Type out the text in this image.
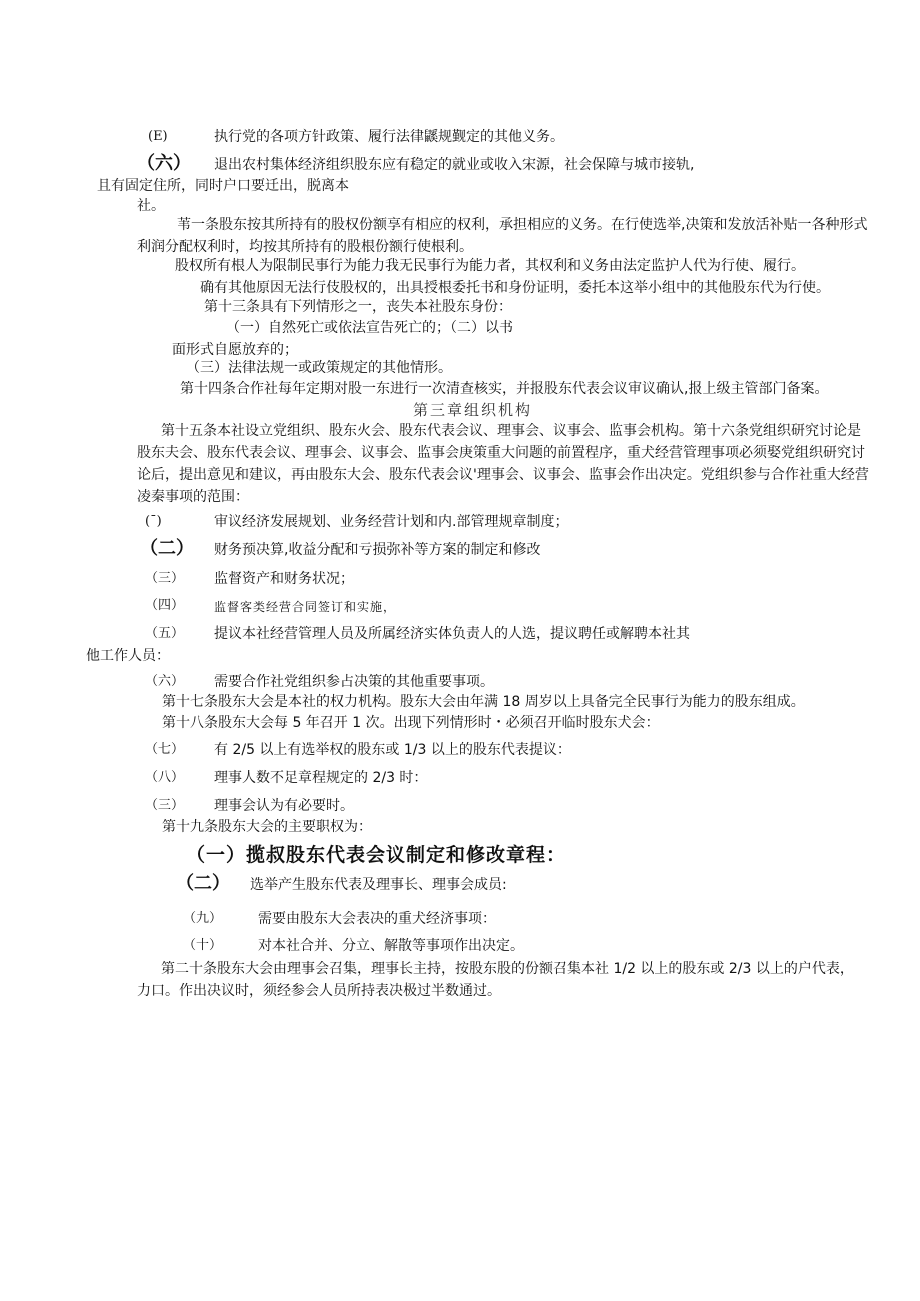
(E)	执行党的各项方针政策、履行法律鼷规觐定的其他义务。
（六） 退出农村集体经济组织股东应有稳定的就业或收入宋源，社会保障与城市接轨,
且有固定住所，同时户口要迁出，脱离本
社。
苇一条股东按其所持有的股权份额享有相应的权利，承担相应的义务。在行使选举,决策和发放活补贴一各种形式利润分配权利时，均按其所持有的股根份额行使根利。
股权所有根人为限制民事行为能力我无民事行为能力者，其权利和义务由法定监护人代为行使、履行。
确有其他原因无法行伎股权的，出具授根委托书和身份证明，委托本这举小组中的其他股东代为行使。
第十三条具有下列情形之一，丧失本社股东身份：
（一）自然死亡或依法宣告死亡的；（二）以书
面形式自愿放弃的；
（三）法律法规一或政策规定的其他情形。
第十四条合作社每年定期对股一东进行一次清查核实，并报股东代表会议审议确认,报上级主管部门备案。
第三章组织机构
第十五条本社设立党组织、股东火会、股东代表会议、理事会、议事会、监事会机构。第十六条党组织研究讨论是股东夫会、股东代表会议、理事会、议事会、监事会庚策重大问题的前置程序，重犬经营管理事项必须娶党组织研究讨论后，提出意见和建议，再由股东大会、股东代表会议'理事会、议事会、监事会作出决定。党组织参与合作社重大经营凌秦事项的范围：
(¯)	审议经济发展规划、业务经营计划和内.部管理规章制度；
（二） 财务预决算,收益分配和亏损弥补等方案的制定和修改
（三） 监督资产和财务状况；
（四） 监督客类经营合同签订和实施，
（五） 提议本社经营管理人员及所属经济实体负责人的人选，提议聘任或解聘本社其
他工作人员：
（六） 需要合作社党组织参占决策的其他重要事项。
第十七条股东大会是本社的权力机构。股东大会由年满 18 周岁以上具备完全民事行为能力的股东组成。
第十八条股东大会每 5 年召开 1 次。出现下列情形时・必须召开临时股东犬会：
（七） 有 2/5 以上有选举权的股东或 1/3 以上的股东代表提议：
（八） 理事人数不足章程规定的 2/3 时：
（三） 理事会认为有必要时。
第十九条股东大会的主要职权为：
（一）揽叔股东代表会议制定和修改章程：
（二） 选举产生股东代表及理事长、理事会成员:
（九）	需要由股东大会表决的重犬经济事项：
（十）	对本社合并、分立、解散等事项作出决定。
第二十条股东大会由理事会召集，理事长主持，按股东股的份额召集本社 1/2 以上的股东或 2/3 以上的户代表，力口。作出决议时，须经参会人员所持表决极过半数通过。
